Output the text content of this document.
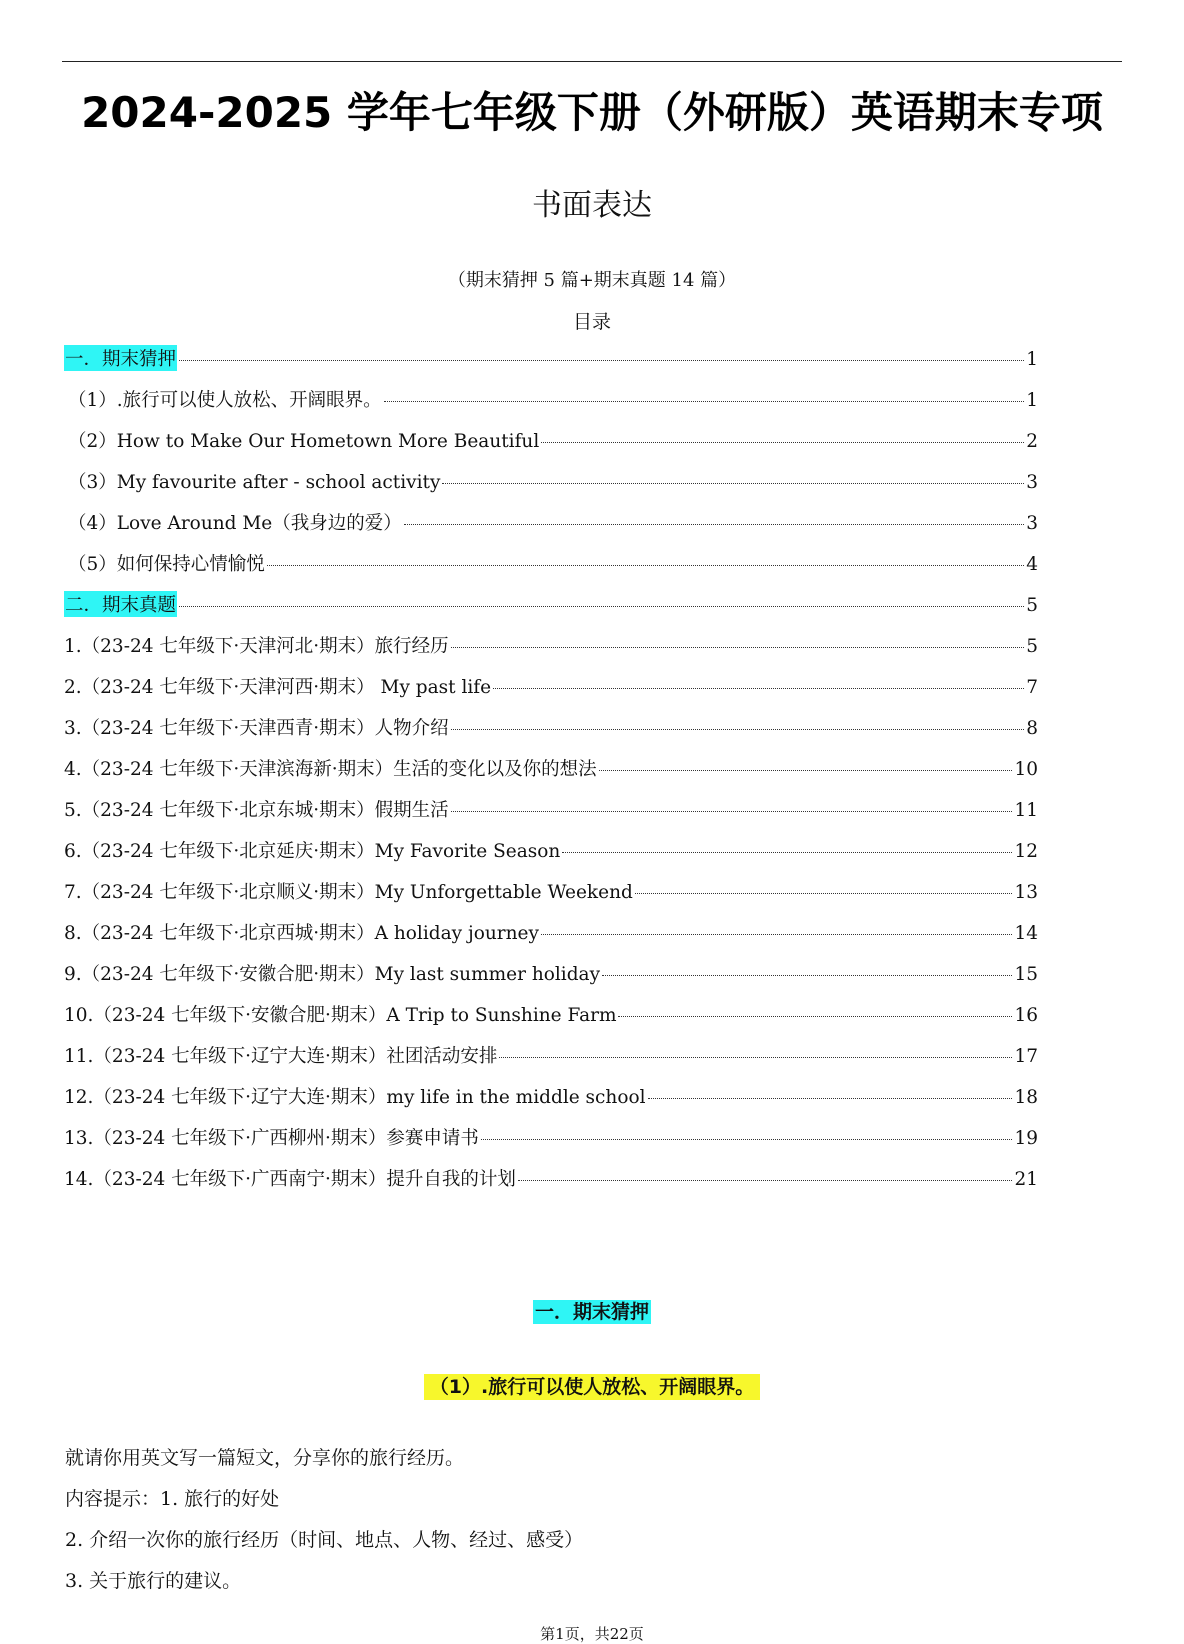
2024-2025 学年七年级下册（外研版）英语期末专项
书面表达
（期末猜押 5 篇+期末真题 14 篇）
目录
一．期末猜押	1
（1）.旅行可以使人放松、开阔眼界。	1
（2）How to Make Our Hometown More Beautiful	2
（3）My favourite after - school activity	3
（4）Love Around Me（我身边的爱）	3
（5）如何保持心情愉悦	4
二．期末真题	5
1.（23-24 七年级下·天津河北·期末）旅行经历	5
2.（23-24 七年级下·天津河西·期末） My past life	7
3.（23-24 七年级下·天津西青·期末）人物介绍	8
4.（23-24 七年级下·天津滨海新·期末）生活的变化以及你的想法	10
5.（23-24 七年级下·北京东城·期末）假期生活	11
6.（23-24 七年级下·北京延庆·期末）My Favorite Season	12
7.（23-24 七年级下·北京顺义·期末）My Unforgettable Weekend	13
8.（23-24 七年级下·北京西城·期末）A holiday journey	14
9.（23-24 七年级下·安徽合肥·期末）My last summer holiday	15
10.（23-24 七年级下·安徽合肥·期末）A Trip to Sunshine Farm	16
11.（23-24 七年级下·辽宁大连·期末）社团活动安排	17
12.（23-24 七年级下·辽宁大连·期末）my life in the middle school	18
13.（23-24 七年级下·广西柳州·期末）参赛申请书	19
14.（23-24 七年级下·广西南宁·期末）提升自我的计划	21
一．期末猜押
（1）.旅行可以使人放松、开阔眼界。

就请你用英文写一篇短文，分享你的旅行经历。

内容提示：1. 旅行的好处

2. 介绍一次你的旅行经历（时间、地点、人物、经过、感受）

3. 关于旅行的建议。

第1页，共22页
